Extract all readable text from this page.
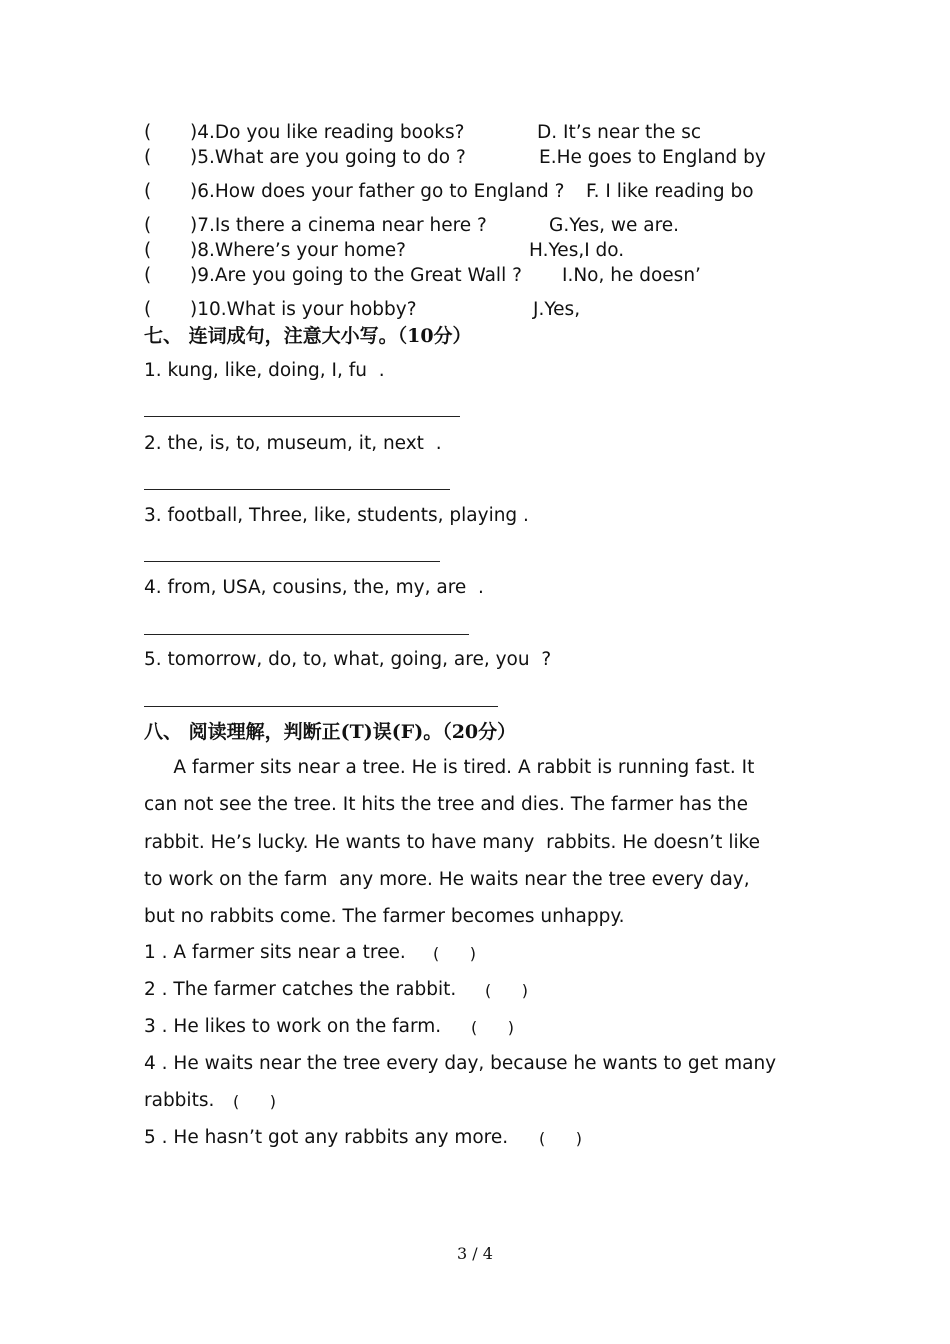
( )4.Do you like reading books?	D. It’s near the sc
( )5.What are you going to do ?	E.He goes to England by
( )6.How does your father go to England ? F. I like reading bo
( )7.Is there a cinema near here ?	G.Yes, we are.
( )8.Where’s your home?	H.Yes,I do.
( )9.Are you going to the Great Wall ? I.No, he doesn’
( )10.What is your hobby?	J.Yes,
七、 连词成句，注意大小写。（10分）
1. kung, like, doing, I, fu  .
2. the, is, to, museum, it, next  .
3. football, Three, like, students, playing .
4. from, USA, cousins, the, my, are  .
5. tomorrow, do, to, what, going, are, you  ?
八、 阅读理解，判断正(T)误(F)。（20分）
A farmer sits near a tree. He is tired. A rabbit is running fast. It
can not see the tree. It hits the tree and dies. The farmer has the
rabbit. He’s lucky. He wants to have many  rabbits. He doesn’t like
to work on the farm  any more. He waits near the tree every day,
but no rabbits come. The farmer becomes unhappy.
1 . A farmer sits near a tree. (      )
2 . The farmer catches the rabbit. (      )
3 . He likes to work on the farm. (      )
4 . He waits near the tree every day, because he wants to get many
rabbits. (      )
5 . He hasn’t got any rabbits any more. (      )
3 / 4
